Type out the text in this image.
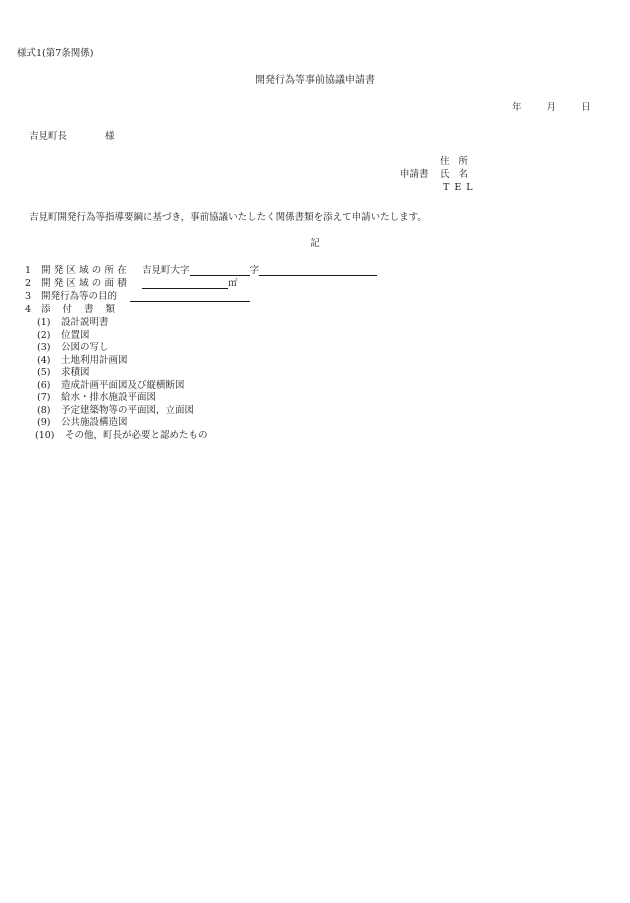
様式1(第7条関係)
開発行為等事前協議申請書
年	月	日
吉見町長	様
住所
申請書 氏名
TEL
吉見町開発行為等指導要綱に基づき，事前協議いたしたく関係書類を添えて申請いたします。
記
1 開発区域の所在 吉見町大字	字
2 開発区域の面積	㎡
3 開発行為等の目的
4 添付書類
(1) 設計説明書
(2) 位置図
(3) 公図の写し
(4) 土地利用計画図
(5) 求積図
(6) 造成計画平面図及び縦横断図
(7) 給水・排水施設平面図
(8) 予定建築物等の平面図，立面図
(9) 公共施設構造図
(10) その他，町長が必要と認めたもの
